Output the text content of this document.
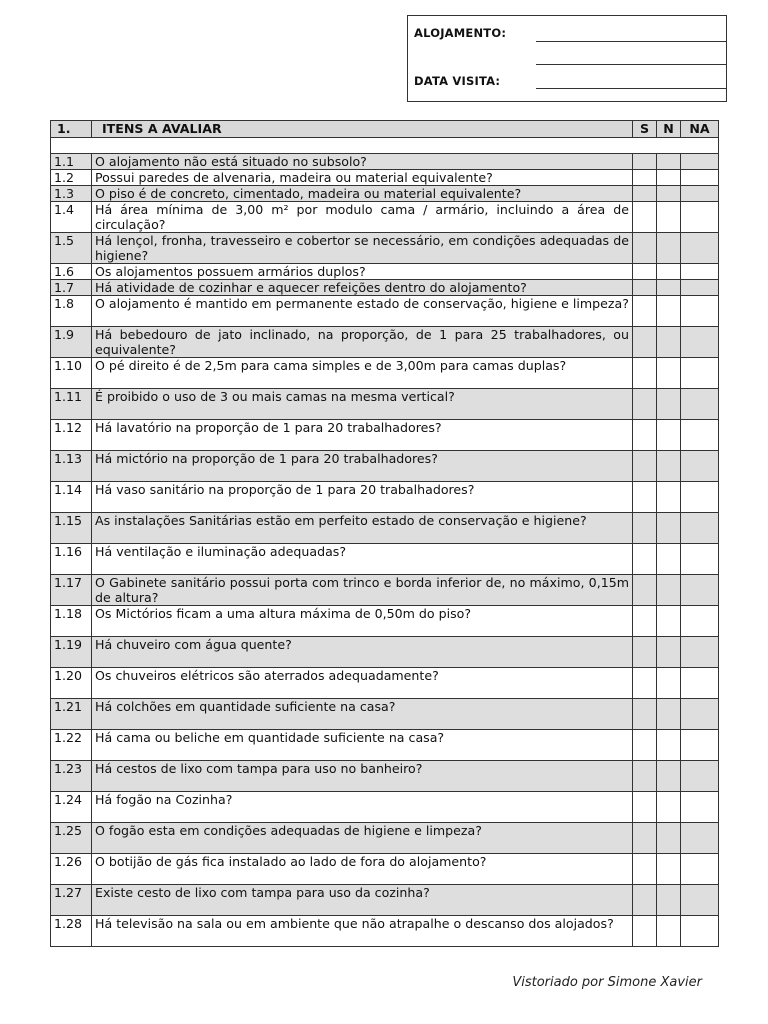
ALOJAMENTO:
DATA VISITA:
1.	ITENS A AVALIAR	S	N	NA

1.1	O alojamento não está situado no subsolo?			
1.2	Possui paredes de alvenaria, madeira ou material equivalente?			
1.3	O piso é de concreto, cimentado, madeira ou material equivalente?			
1.4	Há área mínima de 3,00 m² por modulo cama / armário, incluindo a área de circulação?			
1.5	Há lençol, fronha, travesseiro e cobertor se necessário, em condições adequadas de higiene?			
1.6	Os alojamentos possuem armários duplos?			
1.7	Há atividade de cozinhar e aquecer refeições dentro do alojamento?			
1.8	O alojamento é mantido em permanente estado de conservação, higiene e limpeza?			
1.9	Há bebedouro de jato inclinado, na proporção, de 1 para 25 trabalhadores, ou equivalente?			
1.10	O pé direito é de 2,5m para cama simples e de 3,00m para camas duplas?			
1.11	É proibido o uso de 3 ou mais camas na mesma vertical?			
1.12	Há lavatório na proporção de 1 para 20 trabalhadores?			
1.13	Há mictório na proporção de 1 para 20 trabalhadores?			
1.14	Há vaso sanitário na proporção de 1 para 20 trabalhadores?			
1.15	As instalações Sanitárias estão em perfeito estado de conservação e higiene?			
1.16	Há ventilação e iluminação adequadas?			
1.17	O Gabinete sanitário possui porta com trinco e borda inferior de, no máximo, 0,15m de altura?			
1.18	Os Mictórios ficam a uma altura máxima de 0,50m do piso?			
1.19	Há chuveiro com água quente?			
1.20	Os chuveiros elétricos são aterrados adequadamente?			
1.21	Há colchões em quantidade suficiente na casa?			
1.22	Há cama ou beliche em quantidade suficiente na casa?			
1.23	Há cestos de lixo com tampa para uso no banheiro?			
1.24	Há fogão na Cozinha?			
1.25	O fogão esta em condições adequadas de higiene e limpeza?			
1.26	O botijão de gás fica instalado ao lado de fora do alojamento?			
1.27	Existe cesto de lixo com tampa para uso da cozinha?			
1.28	Há televisão na sala ou em ambiente que não atrapalhe o descanso dos alojados?			
Vistoriado por Simone Xavier
